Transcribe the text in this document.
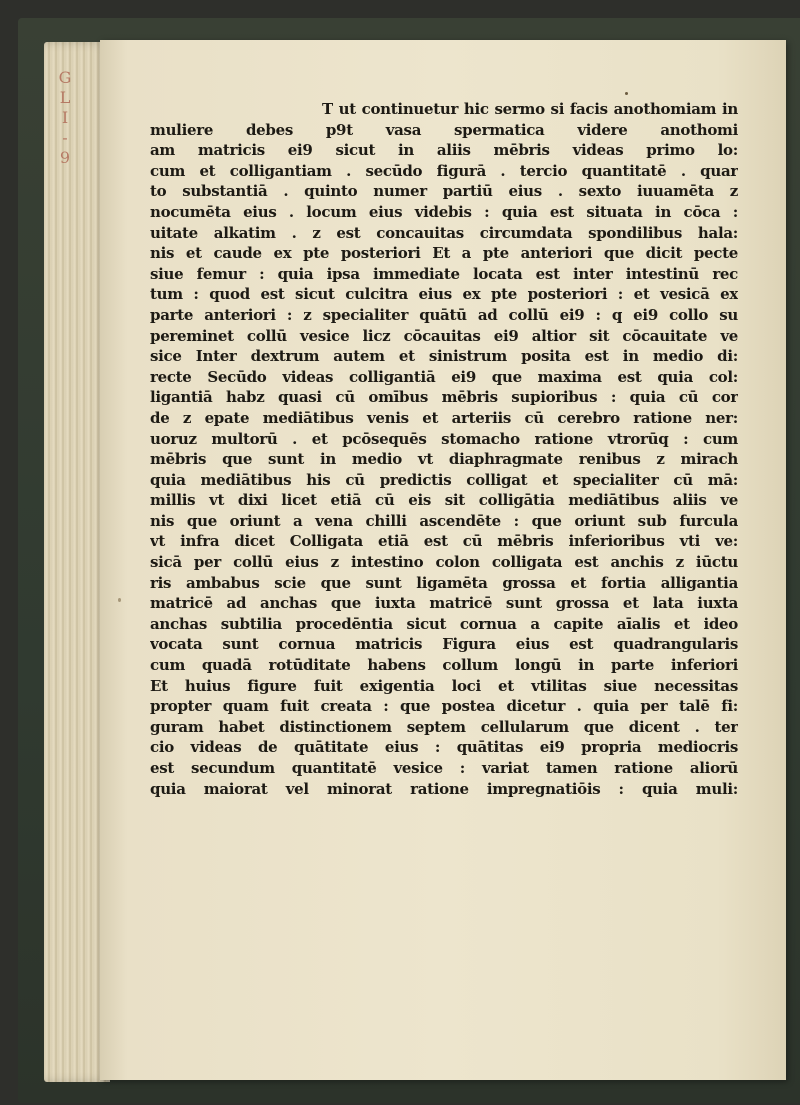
G
L
I
-
9
T ut continuetur hic sermo si facis anothomiam in
muliere debes p9t vasa spermatica videre anothomi
am matricis ei9 sicut in aliis mēbris videas primo lo:
cum et colligantiam . secūdo figurā . tercio quantitatē . quar
to substantiā . quinto numer partiū eius . sexto iuuamēta z
nocumēta eius . locum eius videbis : quia est situata in cōca :
uitate alkatim . z est concauitas circumdata spondilibus hala:
nis et caude ex pte posteriori Et a pte anteriori que dicit pecte
siue femur : quia ipsa immediate locata est inter intestinū rec
tum : quod est sicut culcitra eius ex pte posteriori : et vesicā ex
parte anteriori : z specialiter quātū ad collū ei9 : q ei9 collo su
pereminet collū vesice licz cōcauitas ei9 altior sit cōcauitate ve
sice Inter dextrum autem et sinistrum posita est in medio di:
recte Secūdo videas colligantiā ei9 que maxima est quia col:
ligantiā habz quasi cū omībus mēbris supioribus : quia cū cor
de z epate mediātibus venis et arteriis cū cerebro ratione ner:
uoruz multorū . et pcōsequēs stomacho ratione vtrorūq : cum
mēbris que sunt in medio vt diaphragmate renibus z mirach
quia mediātibus his cū predictis colligat et specialiter cū mā:
millis vt dixi licet etiā cū eis sit colligātia mediātibus aliis ve
nis que oriunt a vena chilli ascendēte : que oriunt sub furcula
vt infra dicet Colligata etiā est cū mēbris inferioribus vti ve:
sicā per collū eius z intestino colon colligata est anchis z iūctu
ris ambabus scie que sunt ligamēta grossa et fortia alligantia
matricē ad anchas que iuxta matricē sunt grossa et lata iuxta
anchas subtilia procedēntia sicut cornua a capite aīalis et ideo
vocata sunt cornua matricis Figura eius est quadrangularis
cum quadā rotūditate habens collum longū in parte inferiori
Et huius figure fuit exigentia loci et vtilitas siue necessitas
propter quam fuit creata : que postea dicetur . quia per talē fi:
guram habet distinctionem septem cellularum que dicent . ter
cio videas de quātitate eius : quātitas ei9 propria mediocris
est secundum quantitatē vesice : variat tamen ratione aliorū
quia maiorat vel minorat ratione impregnatiōis : quia muli:
